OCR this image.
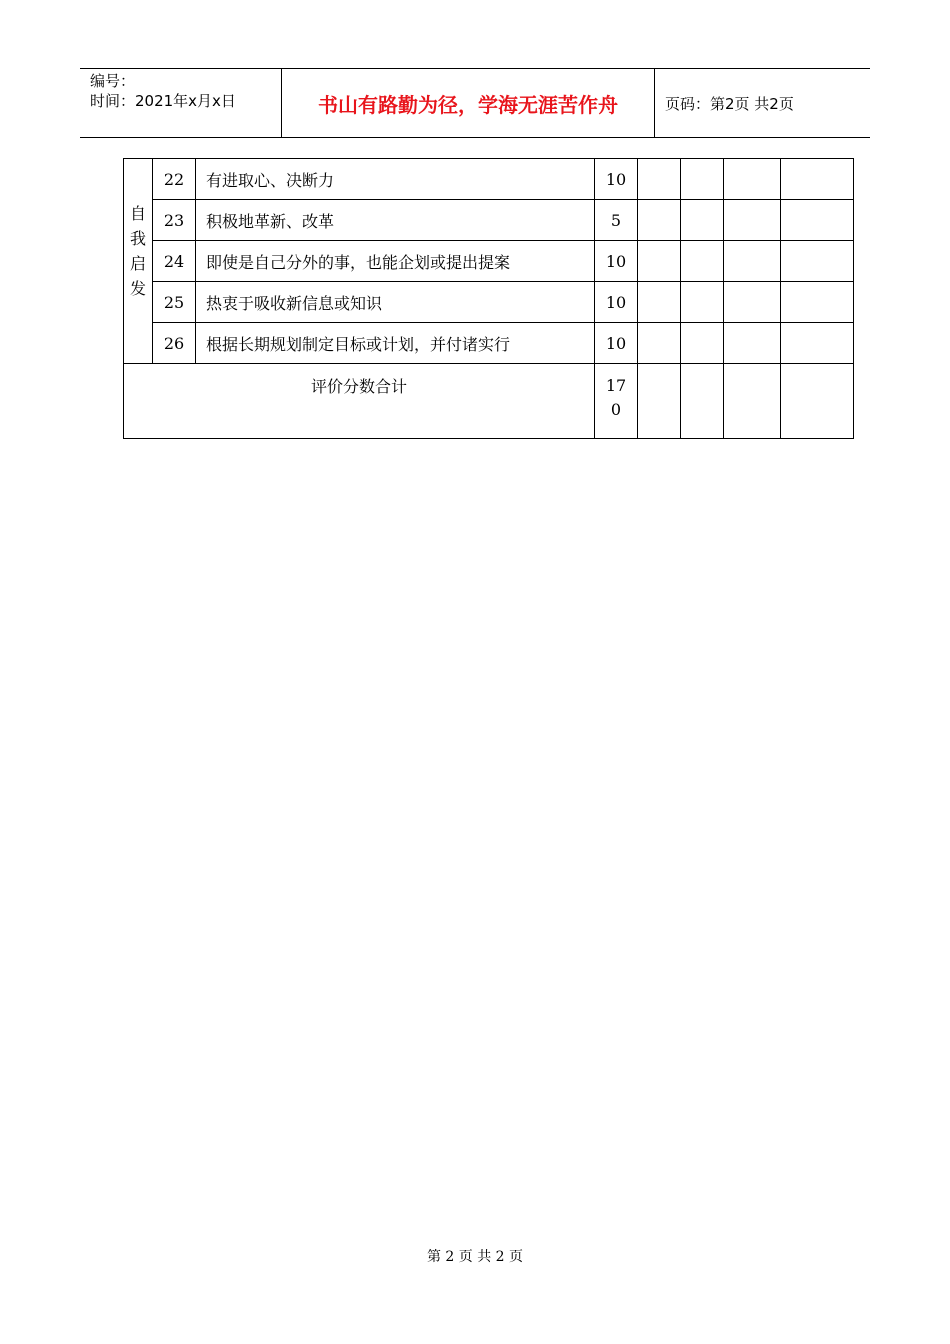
编号：
时间：2021年x月x日	书山有路勤为径，学海无涯苦作舟	页码：第2页 共2页
自
我
启
发	22	有进取心、决断力	10				
	23	积极地革新、改革	5				
	24	即使是自己分外的事，也能企划或提出提案	10				
	25	热衷于吸收新信息或知识	10				
	26	根据长期规划制定目标或计划，并付诸实行	10				
评价分数合计			17
0				

第 2 页 共 2 页
